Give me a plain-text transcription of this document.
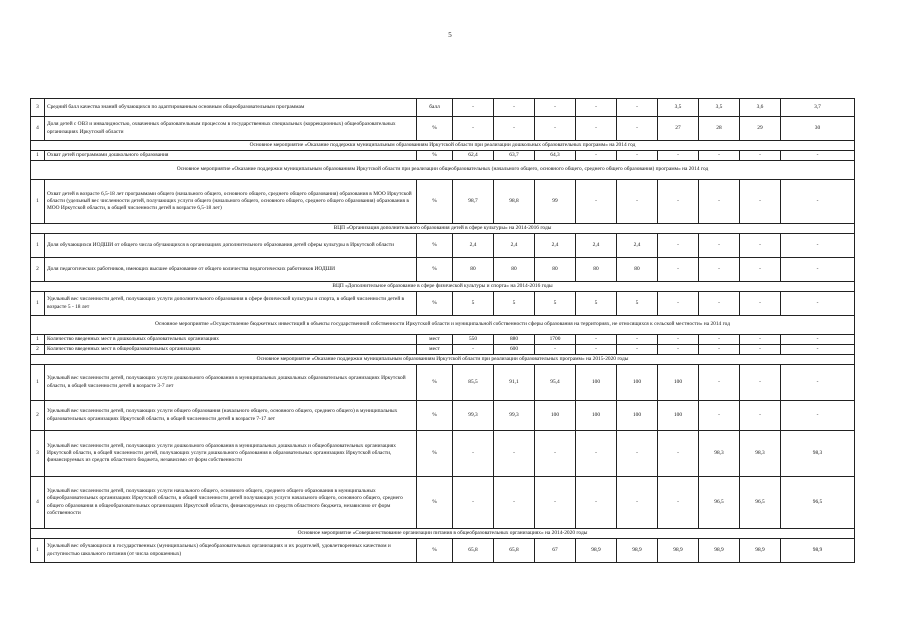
5
3	Средний балл качества знаний обучающихся по адаптированным основным общеобразовательным программам	балл	-	-	-	-	-	3,5	3,5	3,6	3,7
4	Доля детей с ОВЗ и инвалидностью, охваченных образовательным процессом в государственных специальных (коррекционных) общеобразовательных организациях Иркутской области	%	-	-	-	-	-	27	28	29	30
Основное мероприятие «Оказание поддержки муниципальным образованиям Иркутской области при реализации дошкольных образовательных программ» на 2014 год											
1	Охват детей программами дошкольного образования	%	62,4	63,7	64,3	-	-	-	-	-	-
Основное мероприятие «Оказание поддержки муниципальным образованиям Иркутской области при реализации общеобразовательных (начального общего, основного общего, среднего общего образования) программ» на 2014 год											
1	Охват детей в возрасте 6,5-18 лет программами общего (начального общего, основного общего, среднего общего образования) образования в МОО Иркутской области (удельный вес численности детей, получающих услуги общего (начального общего, основного общего, среднего общего образования) образования в МОО Иркутской области, в общей численности детей в возрасте 6,5-18 лет)	%	98,7	98,8	99	-	-	-	-	-	-
ВЦП «Организация дополнительного образования детей в сфере культуры» на 2014-2016 годы											
1	Доля обучающихся ИОДШИ от общего числа обучающихся в организациях дополнительного образования детей сферы культуры в Иркутской области	%	2,4	2,4	2,4	2,4	2,4	-	-	-	-
2	Доля педагогических работников, имеющих высшее образование от общего количества педагогических работников ИОДШИ	%	80	80	80	80	80	-	-	-	-
ВЦП «Дополнительное образование в сфере физической культуры и спорта» на 2014-2016 годы											
1	Удельный вес численности детей, получающих услуги дополнительного образования в сфере физической культуры и спорта, в общей численности детей в возрасте 5 - 18 лет	%	5	5	5	5	5	-	-	-	-
Основное мероприятие «Осуществление бюджетных инвестиций в объекты государственной собственности Иркутской области и муниципальной собственности сферы образования на территориях, не относящихся к сельской местности» на 2014 год											
1	Количество введенных мест в дошкольных образовательных организациях	мест	550	880	1700	-	-	-	-	-	-
2	Количество введенных мест в общеобразовательных организациях	мест	-	600	-	-	-	-	-	-	-
Основное мероприятие «Оказание поддержки муниципальным образованиям Иркутской области при реализации образовательных программ» на 2015-2020 годы											
1	Удельный вес численности детей, получающих услуги дошкольного образования в муниципальных дошкольных образовательных организациях Иркутской области, в общей численности детей в возрасте 3-7 лет	%	85,5	91,1	95,4	100	100	100	-	-	-
2	Удельный вес численности детей, получающих услуги общего образования (начального общего, основного общего, среднего общего) в муниципальных образовательных организациях Иркутской области, в общей численности детей в возрасте 7-17 лет	%	99,3	99,3	100	100	100	100	-	-	-
3	Удельный вес численности детей, получающих услуги дошкольного образования в муниципальных дошкольных и общеобразовательных организациях Иркутской области, в общей численности детей, получающих услуги дошкольного образования в образовательных организациях Иркутской области, финансируемых из средств областного бюджета, независимо от форм собственности	%	-	-	-	-	-	-	98,3	98,3	98,3
4	Удельный вес численности детей, получающих услуги начального общего, основного общего, среднего общего образования в муниципальных общеобразовательных организациях Иркутской области, в общей численности детей получающих услуги начального общего, основного общего, среднего общего образования в общеобразовательных организациях Иркутской области, финансируемых из средств областного бюджета, независимо от форм собственности	%	-	-	-	-	-	-	96,5	96,5	96,5
Основное мероприятие «Совершенствование организации питания в общеобразовательных организациях» на 2014-2020 годы											
1	Удельный вес обучающихся в государственных (муниципальных) общеобразовательных организациях и их родителей, удовлетворенных качеством и доступностью школьного питания (от числа опрошенных)	%	65,8	65,8	67	98,9	98,9	98,9	98,9	98,9	98,9
